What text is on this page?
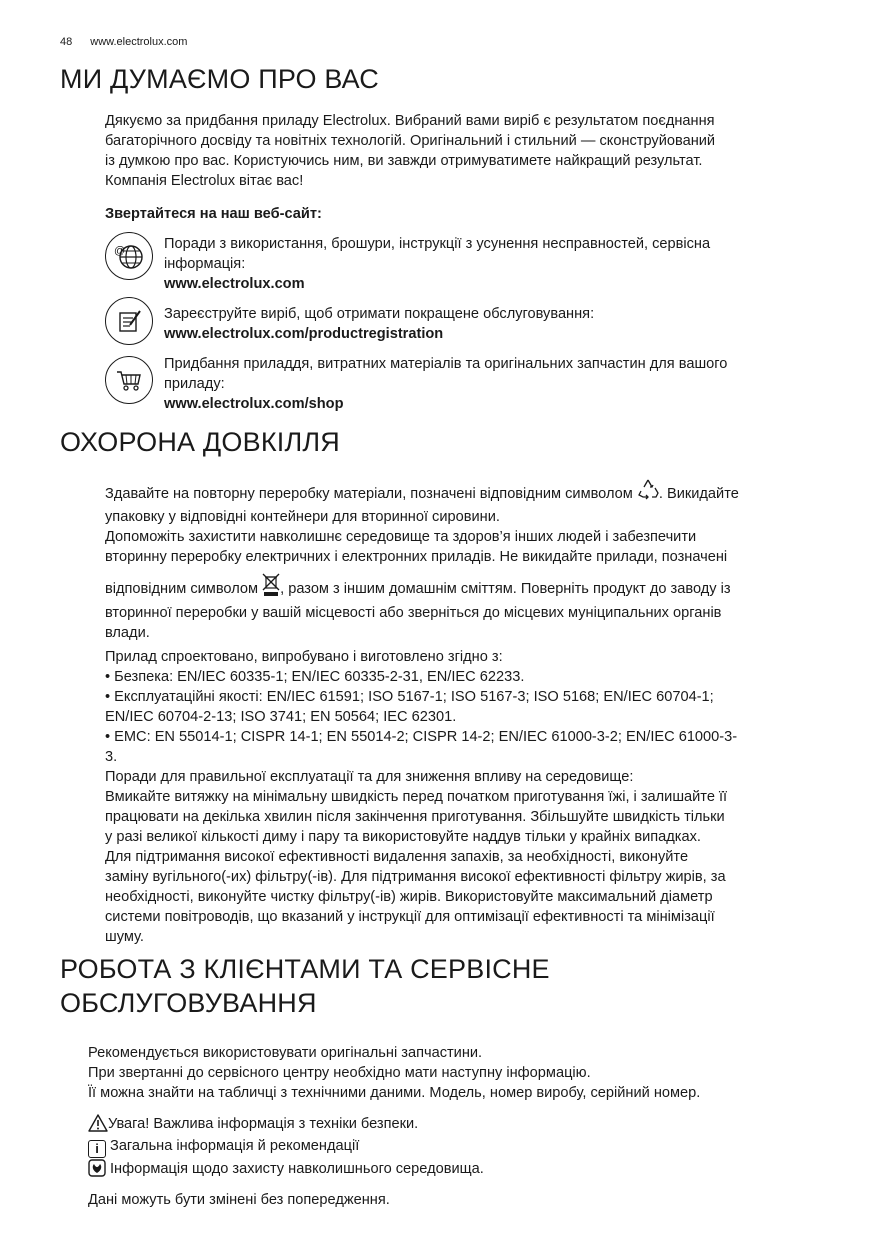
48 www.electrolux.com
МИ ДУМАЄМО ПРО ВАС

Дякуємо за придбання приладу Electrolux. Вибраний вами виріб є результатом поєднання

багаторічного досвіду та новітніх технологій. Оригінальний і стильний — сконструйований

із думкою про вас. Користуючись ним, ви завжди отримуватимете найкращий результат.

Компанія Electrolux вітає вас!

Звертайтеся на наш веб-сайт:
@	Поради з використання, брошури, інструкції з усунення несправностей, сервісна

інформація:

www.electrolux.com

Зареєструйте виріб, щоб отримати покращене обслуговування:

www.electrolux.com/productregistration

Придбання приладдя, витратних матеріалів та оригінальних запчастин для вашого

приладу:

www.electrolux.com/shop

ОХОРОНА ДОВКІЛЛЯ

Здавайте на повторну переробку матеріали, позначені відповідним символом . Викидайте

упаковку у відповідні контейнери для вторинної сировини.

Допоможіть захистити навколишнє середовище та здоров’я інших людей і забезпечити

вторинну переробку електричних і електронних приладів. Не викидайте прилади, позначені

відповідним символом , разом з іншим домашнім сміттям. Поверніть продукт до заводу із

вторинної переробки у вашій місцевості або зверніться до місцевих муніципальних органів

влади.

Прилад спроектовано, випробувано і виготовлено згідно з:

• Безпека: EN/IEC 60335-1; EN/IEC 60335-2-31, EN/IEC 62233.

• Експлуатаційні якості: EN/IEC 61591; ISO 5167-1; ISO 5167-3; ISO 5168; EN/IEC 60704-1;

EN/IEC 60704-2-13; ISO 3741; EN 50564; IEC 62301.

• EMC: EN 55014-1; CISPR 14-1; EN 55014-2; CISPR 14-2; EN/IEC 61000-3-2; EN/IEC 61000-3-

3.

Поради для правильної експлуатації та для зниження впливу на середовище:

Вмикайте витяжку на мінімальну швидкість перед початком приготування їжі, і залишайте її

працювати на декілька хвилин після закінчення приготування. Збільшуйте швидкість тільки

у разі великої кількості диму і пару та використовуйте наддув тільки у крайніх випадках.

Для підтримання високої ефективності видалення запахів, за необхідності, виконуйте

заміну вугільного(-их) фільтру(-ів). Для підтримання високої ефективності фільтру жирів, за

необхідності, виконуйте чистку фільтру(-ів) жирів. Використовуйте максимальний діаметр

системи повітроводів, що вказаний у інструкції для оптимізації ефективності та мінімізації

шуму.

РОБОТА З КЛІЄНТАМИ ТА СЕРВІСНЕ
ОБСЛУГОВУВАННЯ

Рекомендується використовувати оригінальні запчастини.

При звертанні до сервісного центру необхідно мати наступну інформацію.

Її можна знайти на табличці з технічними даними. Модель, номер виробу, серійний номер.

Увага! Важлива інформація з техніки безпеки.

i Загальна інформація й рекомендації

Інформація щодо захисту навколишнього середовища.

Дані можуть бути змінені без попередження.
